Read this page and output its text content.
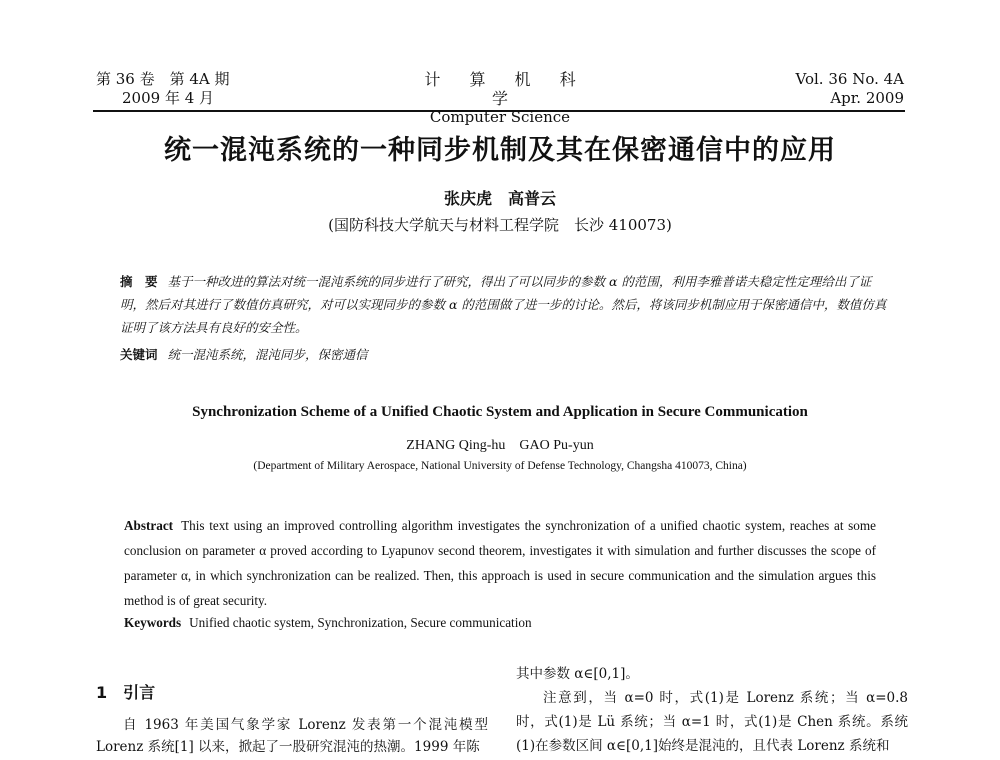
第 36 卷　第 4A 期
2009 年 4 月
计 算 机 科 学
Computer Science
Vol. 36 No. 4A
Apr. 2009
统一混沌系统的一种同步机制及其在保密通信中的应用
张庆虎　高普云
(国防科技大学航天与材料工程学院　长沙 410073)
摘　要 基于一种改进的算法对统一混沌系统的同步进行了研究，得出了可以同步的参数 α 的范围，利用李雅普诺夫稳定性定理给出了证明，然后对其进行了数值仿真研究，对可以实现同步的参数 α 的范围做了进一步的讨论。然后，将该同步机制应用于保密通信中，数值仿真证明了该方法具有良好的安全性。
关键词 统一混沌系统，混沌同步，保密通信
Synchronization Scheme of a Unified Chaotic System and Application in Secure Communication
ZHANG Qing-hu　GAO Pu-yun
(Department of Military Aerospace, National University of Defense Technology, Changsha 410073, China)
Abstract This text using an improved controlling algorithm investigates the synchronization of a unified chaotic system, reaches at some conclusion on parameter α proved according to Lyapunov second theorem, investigates it with simulation and further discusses the scope of parameter α, in which synchronization can be realized. Then, this approach is used in secure communication and the simulation argues this method is of great security.
Keywords Unified chaotic system, Synchronization, Secure communication
1 引言

自 1963 年美国气象学家 Lorenz 发表第一个混沌模型 Lorenz 系统[1] 以来，掀起了一股研究混沌的热潮。1999 年陈

其中参数 α∈[0,1]。

注意到，当 α=0 时，式(1)是 Lorenz 系统；当 α=0.8 时，式(1)是 Lü 系统；当 α=1 时，式(1)是 Chen 系统。系统(1)在参数区间 α∈[0,1]始终是混沌的，且代表 Lorenz 系统和
